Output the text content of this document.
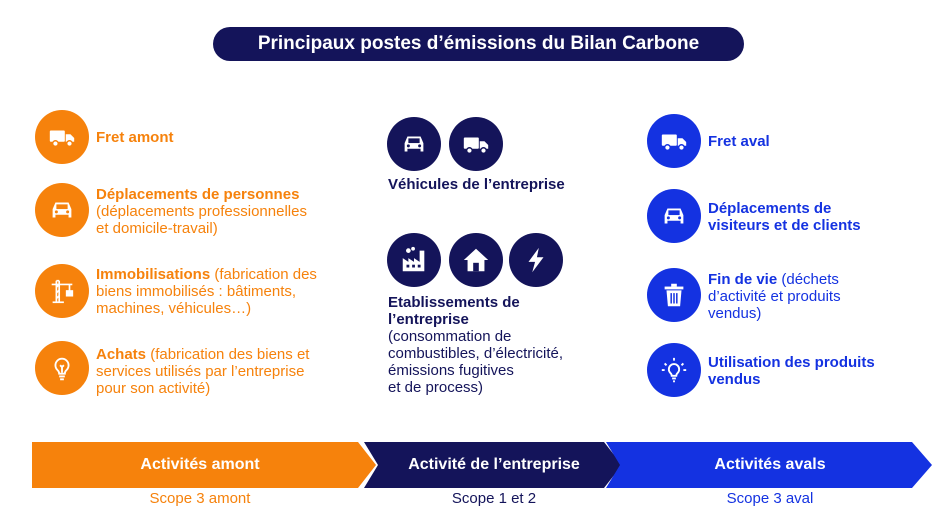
Principaux postes d’émissions du Bilan Carbone
Fret amont
Déplacements de personnes
(déplacements professionnelles
et domicile-travail)
Immobilisations (fabrication des
biens immobilisés : bâtiments,
machines, véhicules…)
Achats (fabrication des biens et
services utilisés par l’entreprise
pour son activité)
Véhicules de l’entreprise
Etablissements de
l’entreprise
(consommation de
combustibles, d’électricité,
émissions fugitives
et de process)
Fret aval
Déplacements de
visiteurs et de clients
Fin de vie (déchets
d’activité et produits
vendus)
Utilisation des produits
vendus
Activités amont	Activité de l’entreprise	Activités avals
Scope 3 amont	Scope 1 et 2	Scope 3 aval
